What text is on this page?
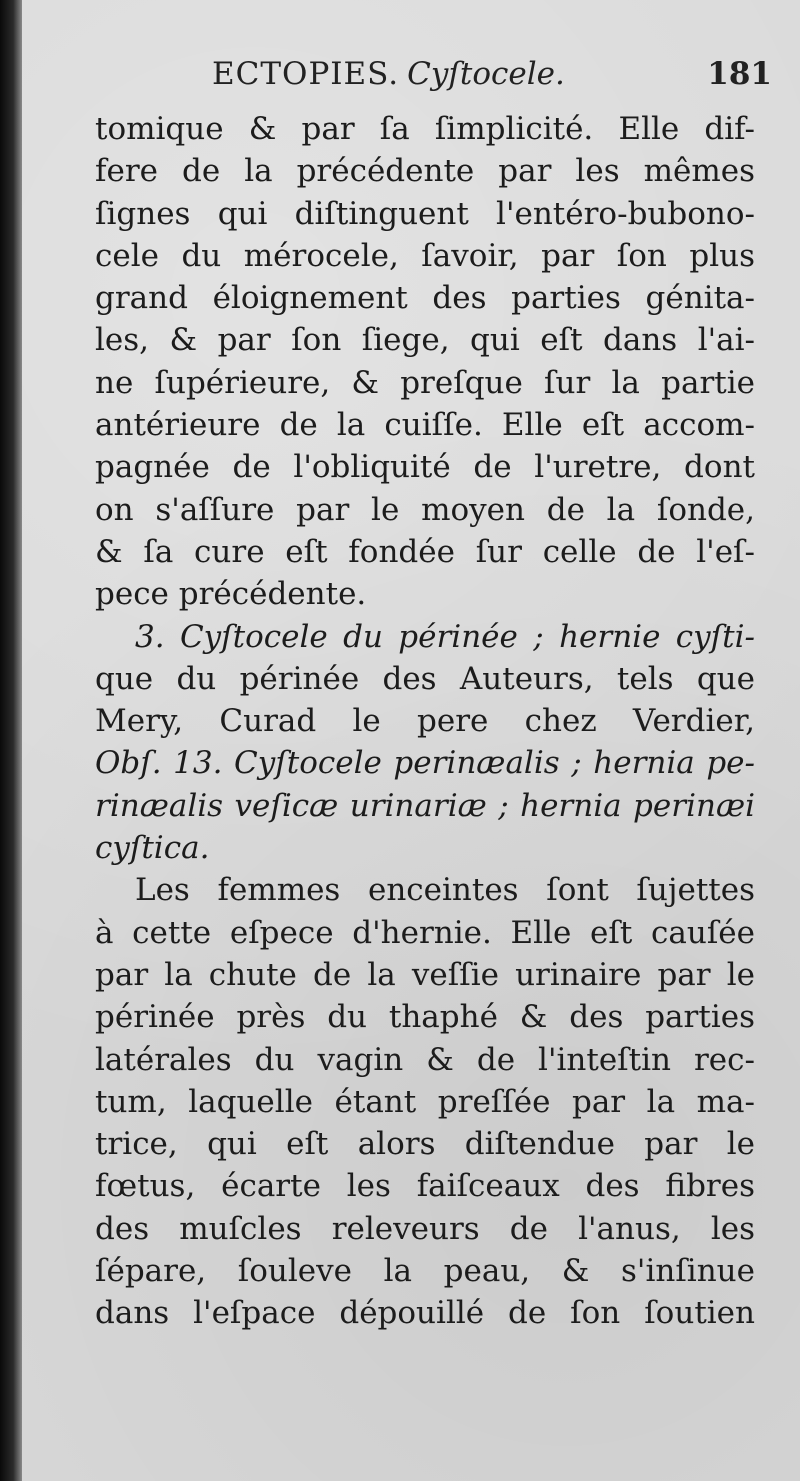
ECTOPIES. Cyſtocele.	181
tomique & par ſa ſimplicité. Elle dif-
fere de la précédente par les mêmes
ſignes qui diſtinguent l'entéro-bubono-
cele du mérocele, ſavoir, par ſon plus
grand éloignement des parties génita-
les, & par ſon ſiege, qui eſt dans l'ai-
ne ſupérieure, & preſque ſur la partie
antérieure de la cuiſſe. Elle eſt accom-
pagnée de l'obliquité de l'uretre, dont
on s'aſſure par le moyen de la ſonde,
& ſa cure eſt fondée ſur celle de l'eſ-
pece précédente.
3. Cyſtocele du périnée ; hernie cyſti-
que du périnée des Auteurs, tels que
Mery, Curad le pere chez Verdier,
Obſ. 13. Cyſtocele perinæalis ; hernia pe-
rinæalis veſicæ urinariæ ; hernia perinæi
cyſtica.
Les femmes enceintes ſont ſujettes
à cette eſpece d'hernie. Elle eſt cauſée
par la chute de la veſſie urinaire par le
périnée près du thaphé & des parties
latérales du vagin & de l'inteſtin rec-
tum, laquelle étant preſſée par la ma-
trice, qui eſt alors diſtendue par le
fœtus, écarte les faiſceaux des fibres
des muſcles releveurs de l'anus, les
ſépare, ſouleve la peau, & s'inſinue
dans l'eſpace dépouillé de ſon ſoutien
